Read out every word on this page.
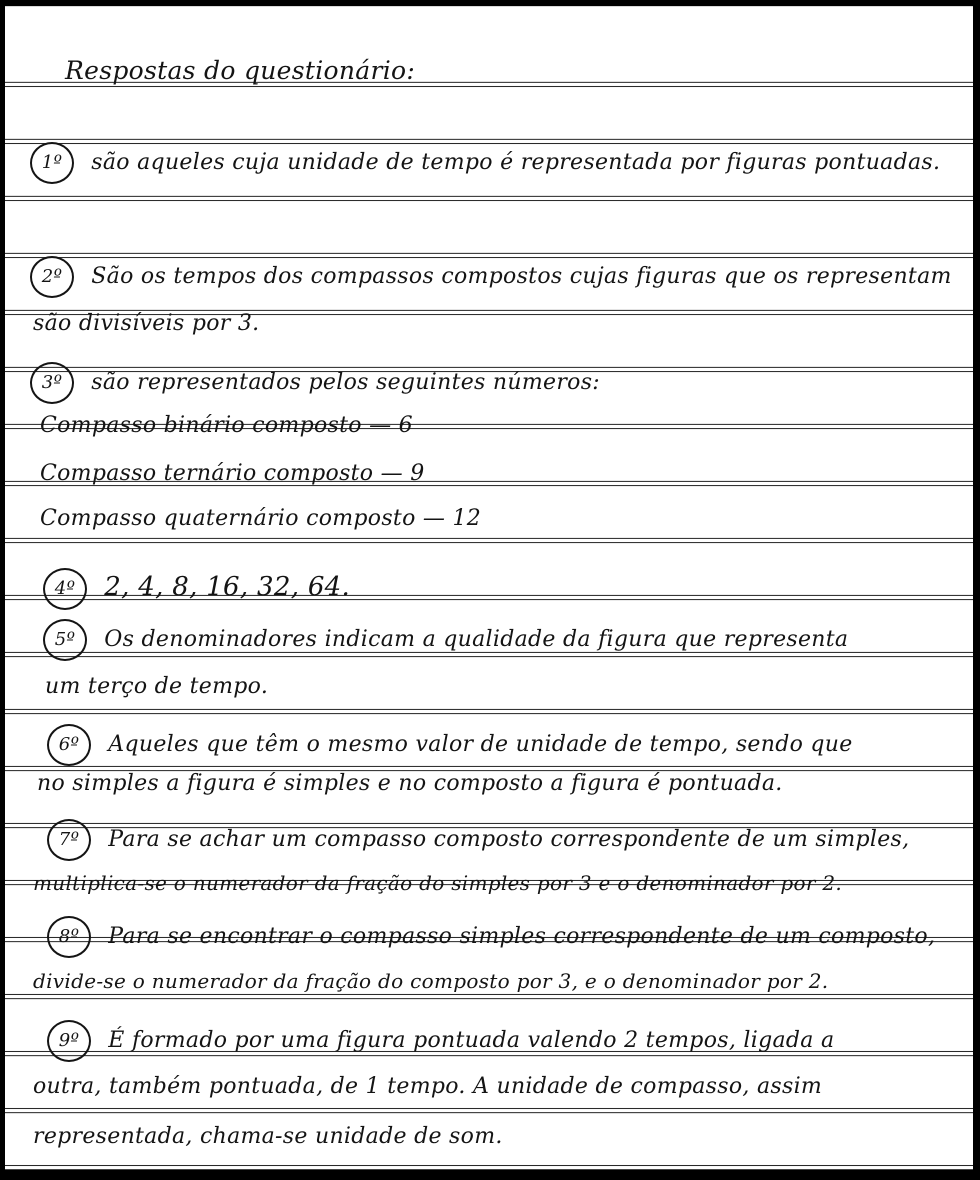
Respostas do questionário:
1º são aqueles cuja unidade de tempo é representada por figuras pontuadas.
2º São os tempos dos compassos compostos cujas figuras que os representam
são divisíveis por 3.
3º são representados pelos seguintes números:
Compasso binário composto — 6
Compasso ternário composto — 9
Compasso quaternário composto — 12
4º 2, 4, 8, 16, 32, 64.
5º Os denominadores indicam a qualidade da figura que representa
um terço de tempo.
6º Aqueles que têm o mesmo valor de unidade de tempo, sendo que
no simples a figura é simples e no composto a figura é pontuada.
7º Para se achar um compasso composto correspondente de um simples,
multiplica-se o numerador da fração do simples por 3 e o denominador por 2.
8º Para se encontrar o compasso simples correspondente de um composto,
divide-se o numerador da fração do composto por 3, e o denominador por 2.
9º É formado por uma figura pontuada valendo 2 tempos, ligada a
outra, também pontuada, de 1 tempo. A unidade de compasso, assim
representada, chama-se unidade de som.
